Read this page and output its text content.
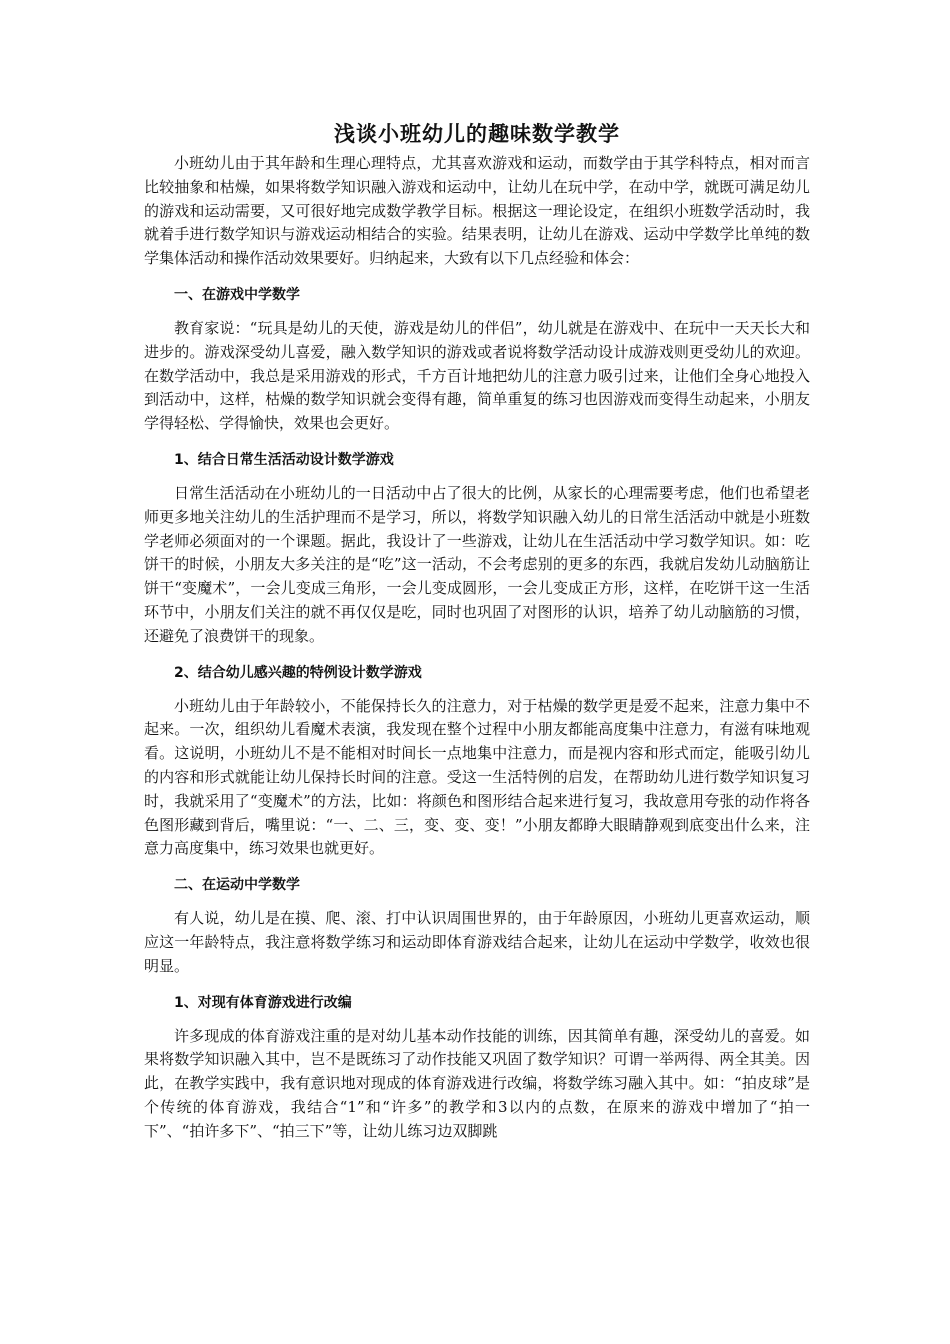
浅谈小班幼儿的趣味数学教学

小班幼儿由于其年龄和生理心理特点，尤其喜欢游戏和运动，而数学由于其学科特点，相对而言比较抽象和枯燥，如果将数学知识融入游戏和运动中，让幼儿在玩中学，在动中学，就既可满足幼儿的游戏和运动需要，又可很好地完成数学教学目标。根据这一理论设定，在组织小班数学活动时，我就着手进行数学知识与游戏运动相结合的实验。结果表明，让幼儿在游戏、运动中学数学比单纯的数学集体活动和操作活动效果要好。归纳起来，大致有以下几点经验和体会：

一、在游戏中学数学

教育家说：“玩具是幼儿的天使，游戏是幼儿的伴侣”，幼儿就是在游戏中、在玩中一天天长大和进步的。游戏深受幼儿喜爱，融入数学知识的游戏或者说将数学活动设计成游戏则更受幼儿的欢迎。在数学活动中，我总是采用游戏的形式，千方百计地把幼儿的注意力吸引过来，让他们全身心地投入到活动中，这样，枯燥的数学知识就会变得有趣，简单重复的练习也因游戏而变得生动起来，小朋友学得轻松、学得愉快，效果也会更好。

1、结合日常生活活动设计数学游戏

日常生活活动在小班幼儿的一日活动中占了很大的比例，从家长的心理需要考虑，他们也希望老师更多地关注幼儿的生活护理而不是学习，所以，将数学知识融入幼儿的日常生活活动中就是小班数学老师必须面对的一个课题。据此，我设计了一些游戏，让幼儿在生活活动中学习数学知识。如：吃饼干的时候，小朋友大多关注的是“吃”这一活动，不会考虑别的更多的东西，我就启发幼儿动脑筋让饼干“变魔术”，一会儿变成三角形，一会儿变成圆形，一会儿变成正方形，这样，在吃饼干这一生活环节中，小朋友们关注的就不再仅仅是吃，同时也巩固了对图形的认识，培养了幼儿动脑筋的习惯，还避免了浪费饼干的现象。

2、结合幼儿感兴趣的特例设计数学游戏

小班幼儿由于年龄较小，不能保持长久的注意力，对于枯燥的数学更是爱不起来，注意力集中不起来。一次，组织幼儿看魔术表演，我发现在整个过程中小朋友都能高度集中注意力，有滋有味地观看。这说明，小班幼儿不是不能相对时间长一点地集中注意力，而是视内容和形式而定，能吸引幼儿的内容和形式就能让幼儿保持长时间的注意。受这一生活特例的启发，在帮助幼儿进行数学知识复习时，我就采用了“变魔术”的方法，比如：将颜色和图形结合起来进行复习，我故意用夸张的动作将各色图形藏到背后，嘴里说：“一、二、三，变、变、变！”小朋友都睁大眼睛静观到底变出什么来，注意力高度集中，练习效果也就更好。

二、在运动中学数学

有人说，幼儿是在摸、爬、滚、打中认识周围世界的，由于年龄原因，小班幼儿更喜欢运动，顺应这一年龄特点，我注意将数学练习和运动即体育游戏结合起来，让幼儿在运动中学数学，收效也很明显。

1、对现有体育游戏进行改编

许多现成的体育游戏注重的是对幼儿基本动作技能的训练，因其简单有趣，深受幼儿的喜爱。如果将数学知识融入其中，岂不是既练习了动作技能又巩固了数学知识？可谓一举两得、两全其美。因此，在教学实践中，我有意识地对现成的体育游戏进行改编，将数学练习融入其中。如：“拍皮球”是个传统的体育游戏，我结合“1”和“许多”的教学和3以内的点数，在原来的游戏中增加了“拍一下”、“拍许多下”、“拍三下”等，让幼儿练习边双脚跳
